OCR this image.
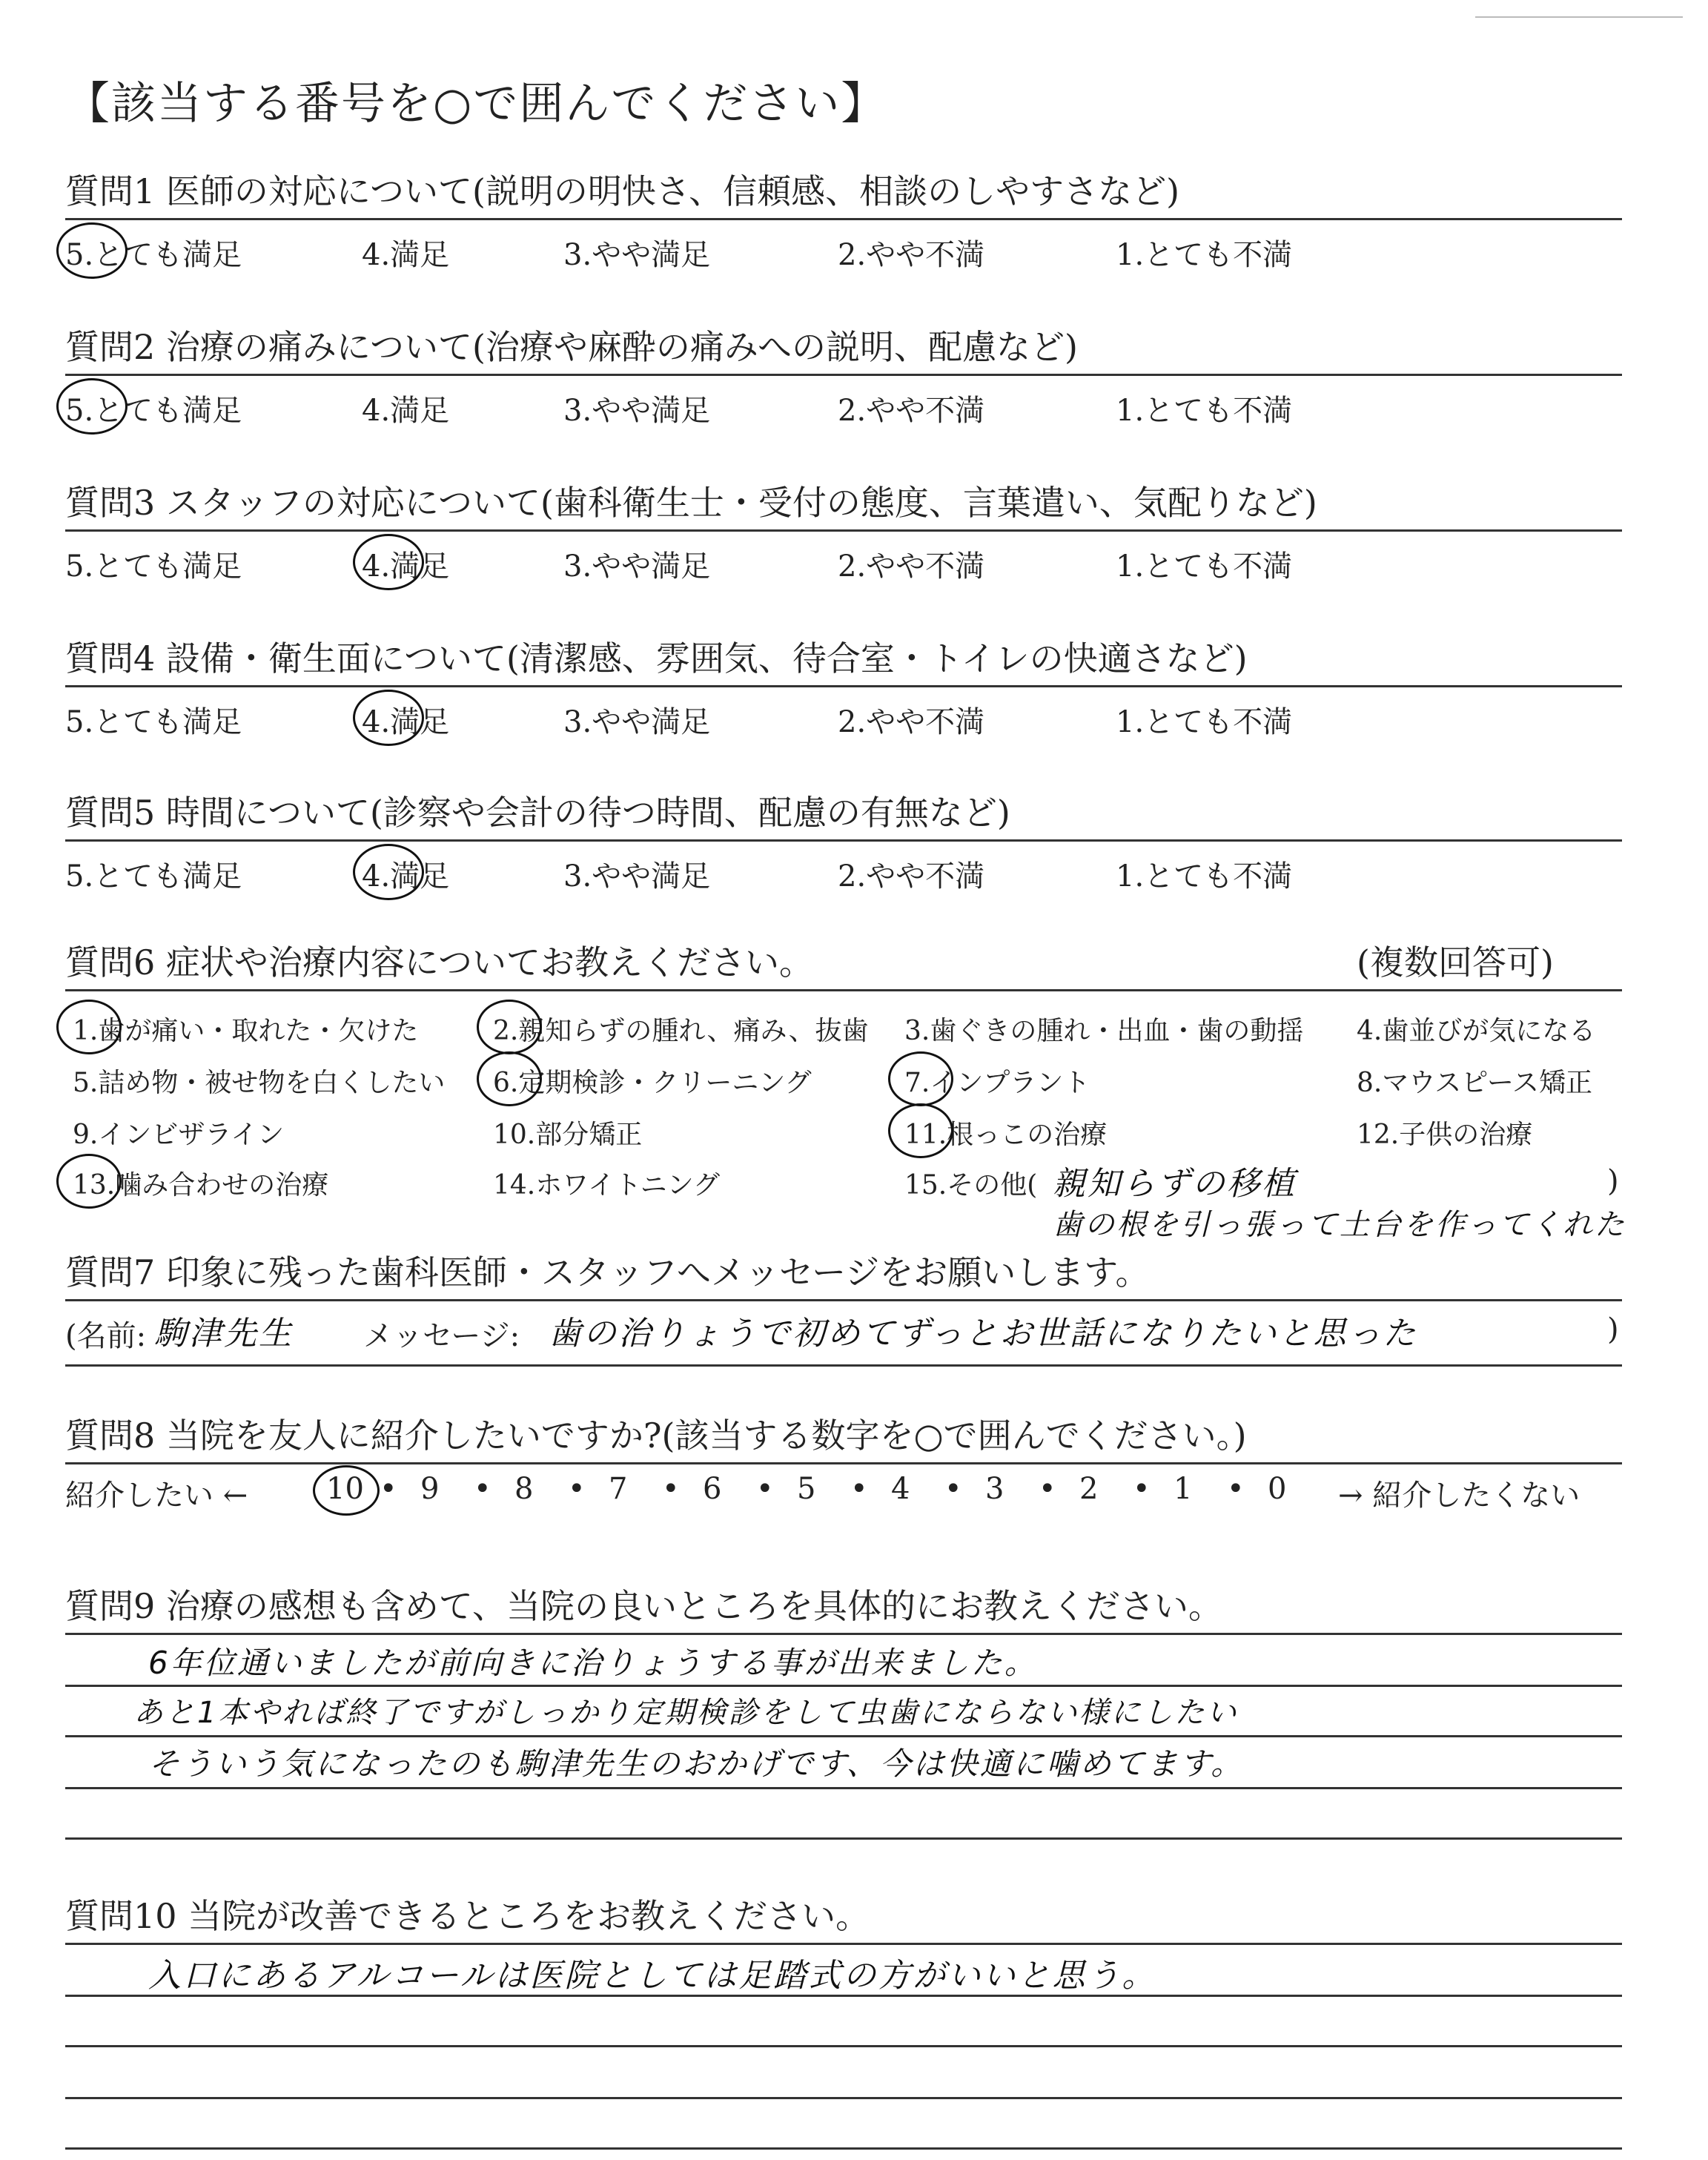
【該当する番号を○で囲んでください】
質問6 症状や治療内容についてお教えください。	(複数回答可)
親知らずの移植	)
歯の根を引っ張って土台を作ってくれた
質問7 印象に残った歯科医師・スタッフへメッセージをお願いします。
(名前: 駒津先生 メッセージ: 歯の治りょうで初めてずっとお世話になりたいと思った	)
質問8 当院を友人に紹介したいですか?(該当する数字を○で囲んでください。)
紹介したい ←	→ 紹介したくない
質問9 治療の感想も含めて、当院の良いところを具体的にお教えください。
質問10 当院が改善できるところをお教えください。
質問1 医師の対応について(説明の明快さ、信頼感、相談のしやすさなど)
5.とても満足	4.満足	3.やや満足	2.やや不満	1.とても不満
質問2 治療の痛みについて(治療や麻酔の痛みへの説明、配慮など)
5.とても満足	4.満足	3.やや満足	2.やや不満	1.とても不満
質問3 スタッフの対応について(歯科衛生士・受付の態度、言葉遣い、気配りなど)
5.とても満足	4.満足	3.やや満足	2.やや不満	1.とても不満
質問4 設備・衛生面について(清潔感、雰囲気、待合室・トイレの快適さなど)
5.とても満足	4.満足	3.やや満足	2.やや不満	1.とても不満
質問5 時間について(診察や会計の待つ時間、配慮の有無など)
5.とても満足	4.満足	3.やや満足	2.やや不満	1.とても不満
1.歯が痛い・取れた・欠けた	2.親知らずの腫れ、痛み、抜歯 3.歯ぐきの腫れ・出血・歯の動揺 4.歯並びが気になる
5.詰め物・被せ物を白くしたい 6.定期検診・クリーニング	7.インプラント	8.マウスピース矯正
9.インビザライン	10.部分矯正	11.根っこの治療	12.子供の治療
13.噛み合わせの治療	14.ホワイトニング	15.その他(
10 • 9 • 8 • 7 • 6 • 5 • 4 • 3 • 2 • 1 • 0
6年位通いましたが前向きに治りょうする事が出来ました。
あと1本やれば終了ですがしっかり定期検診をして虫歯にならない様にしたい
そういう気になったのも駒津先生のおかげです、今は快適に噛めてます。
入口にあるアルコールは医院としては足踏式の方がいいと思う。
